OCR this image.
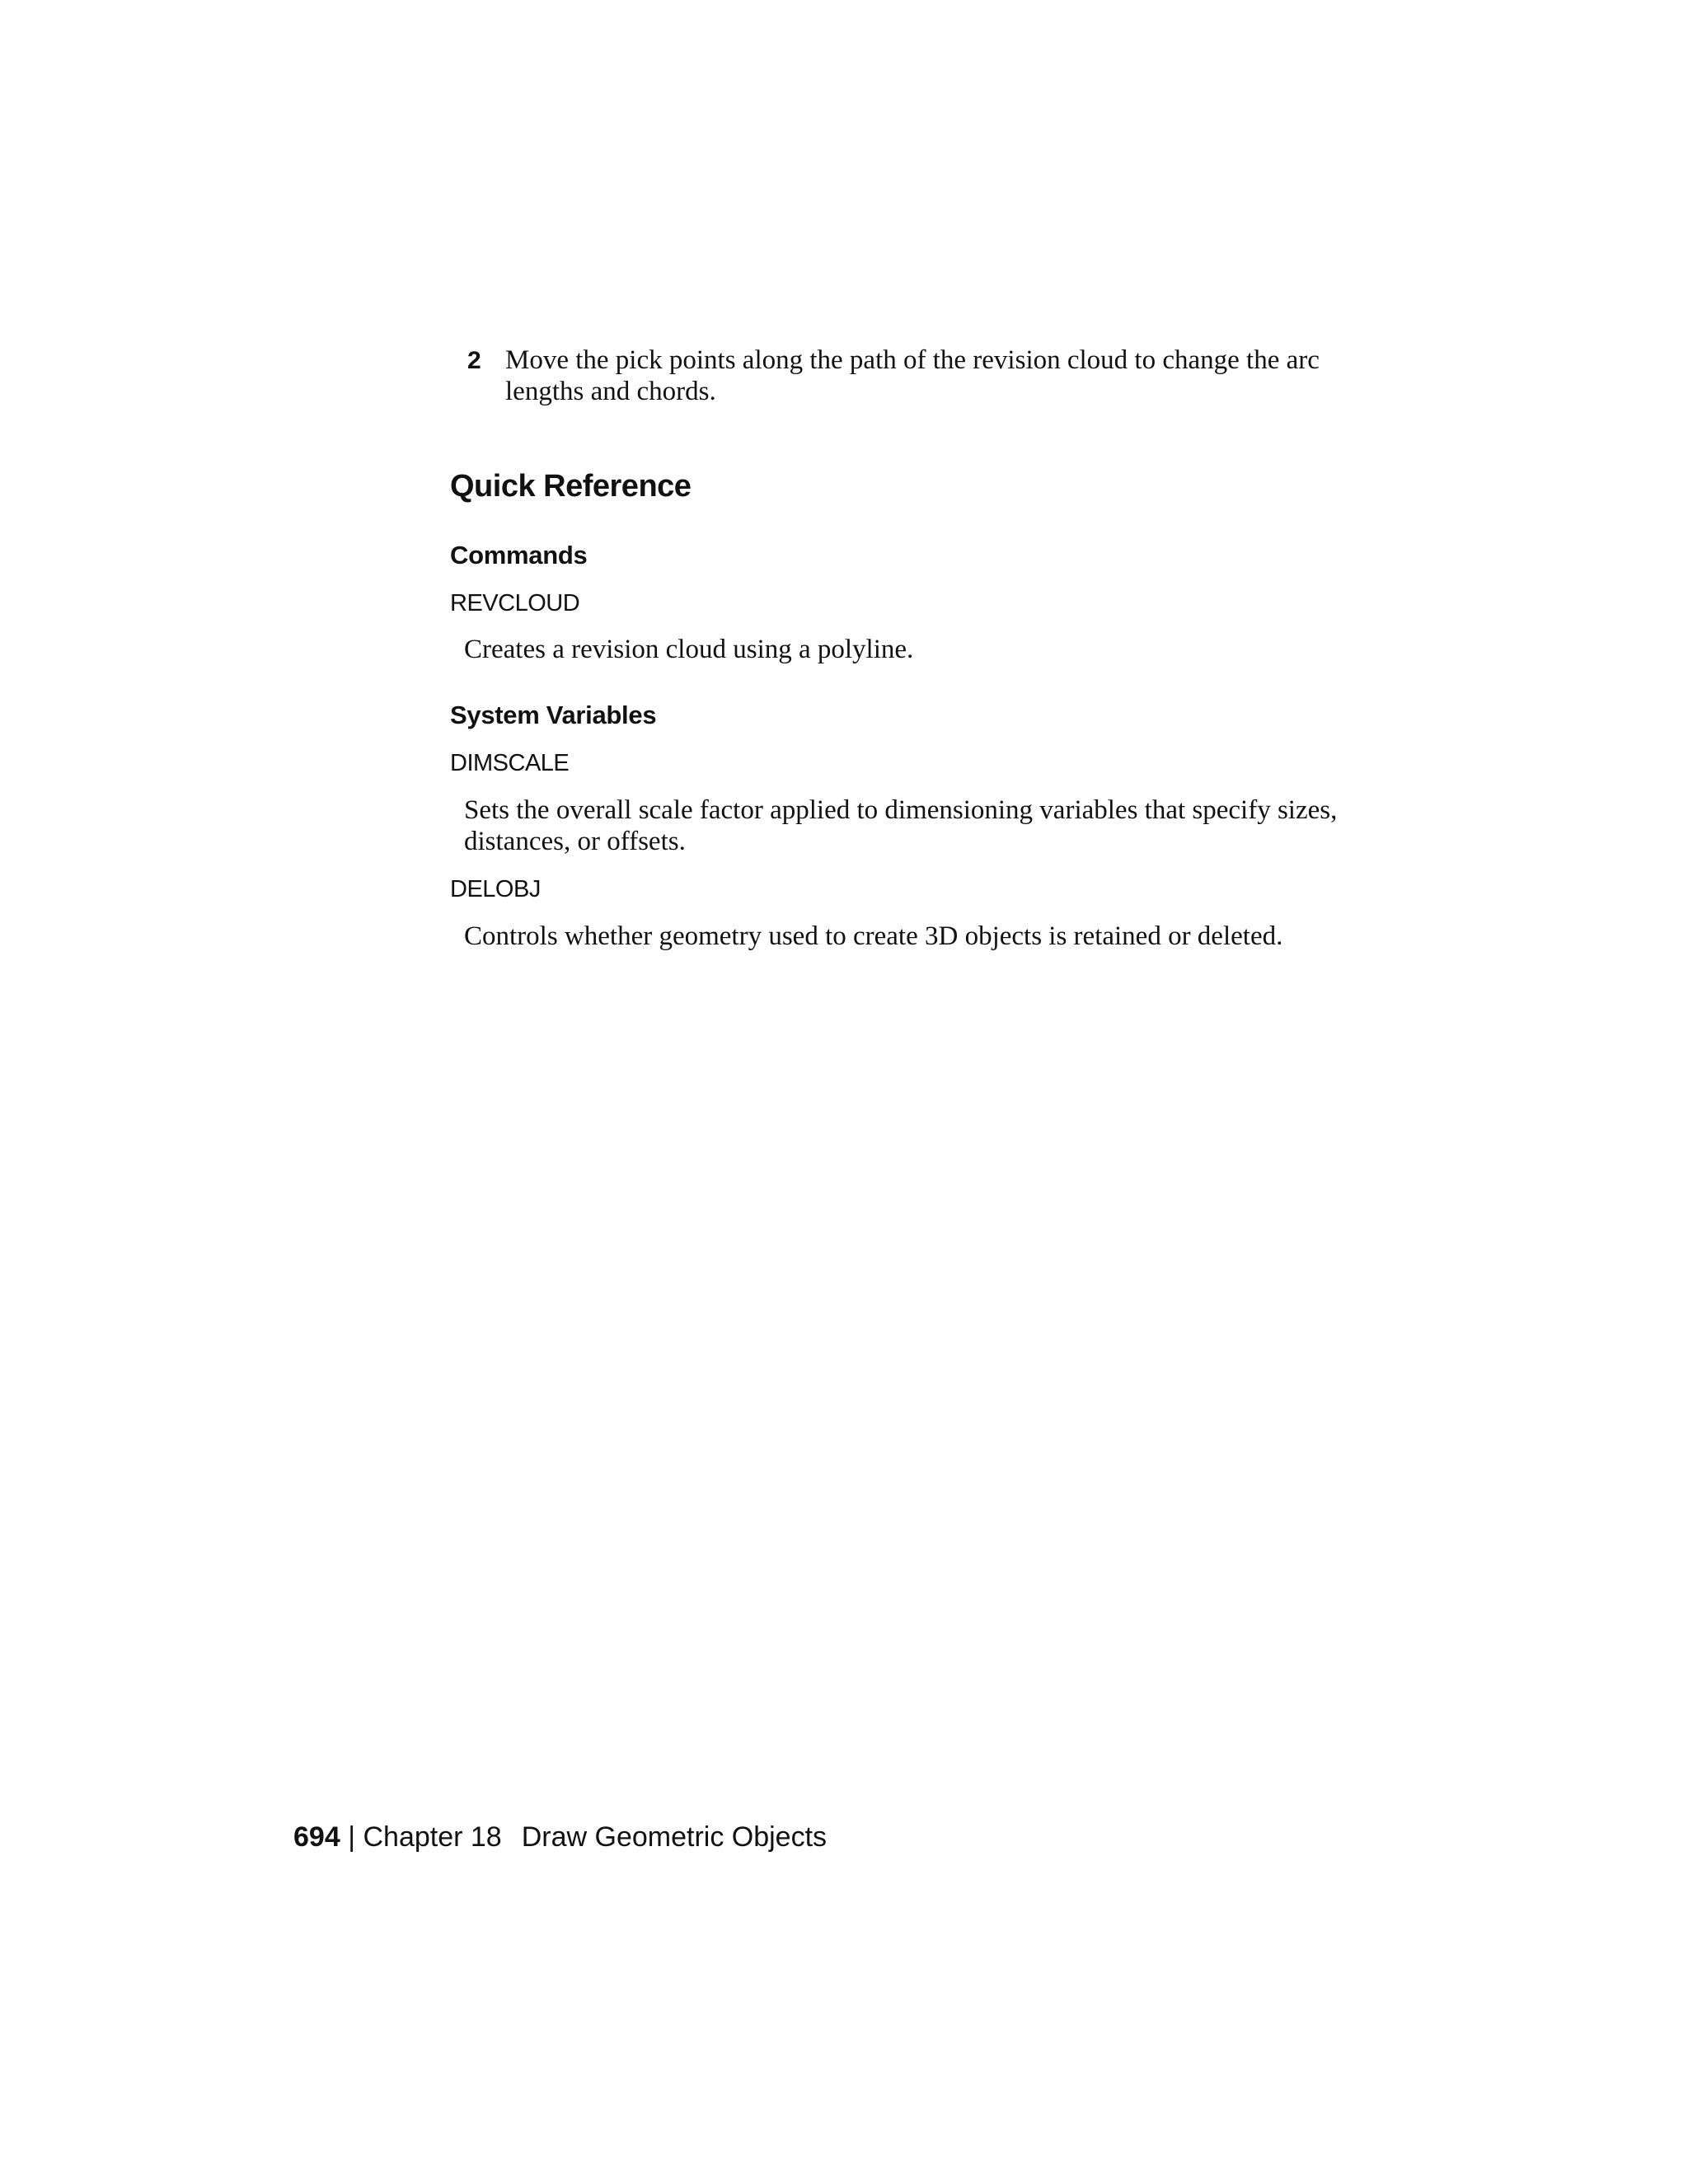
2 Move the pick points along the path of the revision cloud to change the arc lengths and chords.
Quick Reference
Commands
REVCLOUD
Creates a revision cloud using a polyline.
System Variables
DIMSCALE
Sets the overall scale factor applied to dimensioning variables that specify sizes, distances, or offsets.
DELOBJ
Controls whether geometry used to create 3D objects is retained or deleted.
694 | Chapter 18 Draw Geometric Objects
